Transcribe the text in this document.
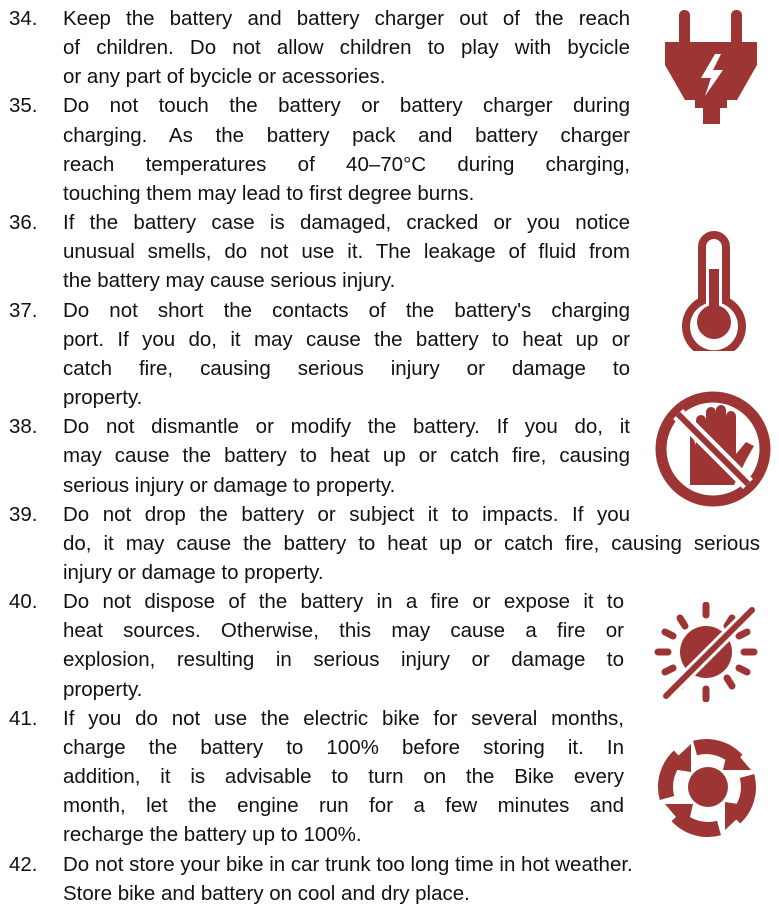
34. Keep the battery and battery charger out of the reach
of children. Do not allow children to play with bycicle
or any part of bycicle or acessories.
35. Do not touch the battery or battery charger during
charging. As the battery pack and battery charger
reach temperatures of 40–70°C during charging,
touching them may lead to first degree burns.
36. If the battery case is damaged, cracked or you notice
unusual smells, do not use it. The leakage of fluid from
the battery may cause serious injury.
37. Do not short the contacts of the battery's charging
port. If you do, it may cause the battery to heat up or
catch fire, causing serious injury or damage to
property.
38. Do not dismantle or modify the battery. If you do, it
may cause the battery to heat up or catch fire, causing
serious injury or damage to property.
39. Do not drop the battery or subject it to impacts. If you
do, it may cause the battery to heat up or catch fire, causing serious
injury or damage to property.
40. Do not dispose of the battery in a fire or expose it to
heat sources. Otherwise, this may cause a fire or
explosion, resulting in serious injury or damage to
property.
41. If you do not use the electric bike for several months,
charge the battery to 100% before storing it. In
addition, it is advisable to turn on the Bike every
month, let the engine run for a few minutes and
recharge the battery up to 100%.
42. Do not store your bike in car trunk too long time in hot weather.
Store bike and battery on cool and dry place.
